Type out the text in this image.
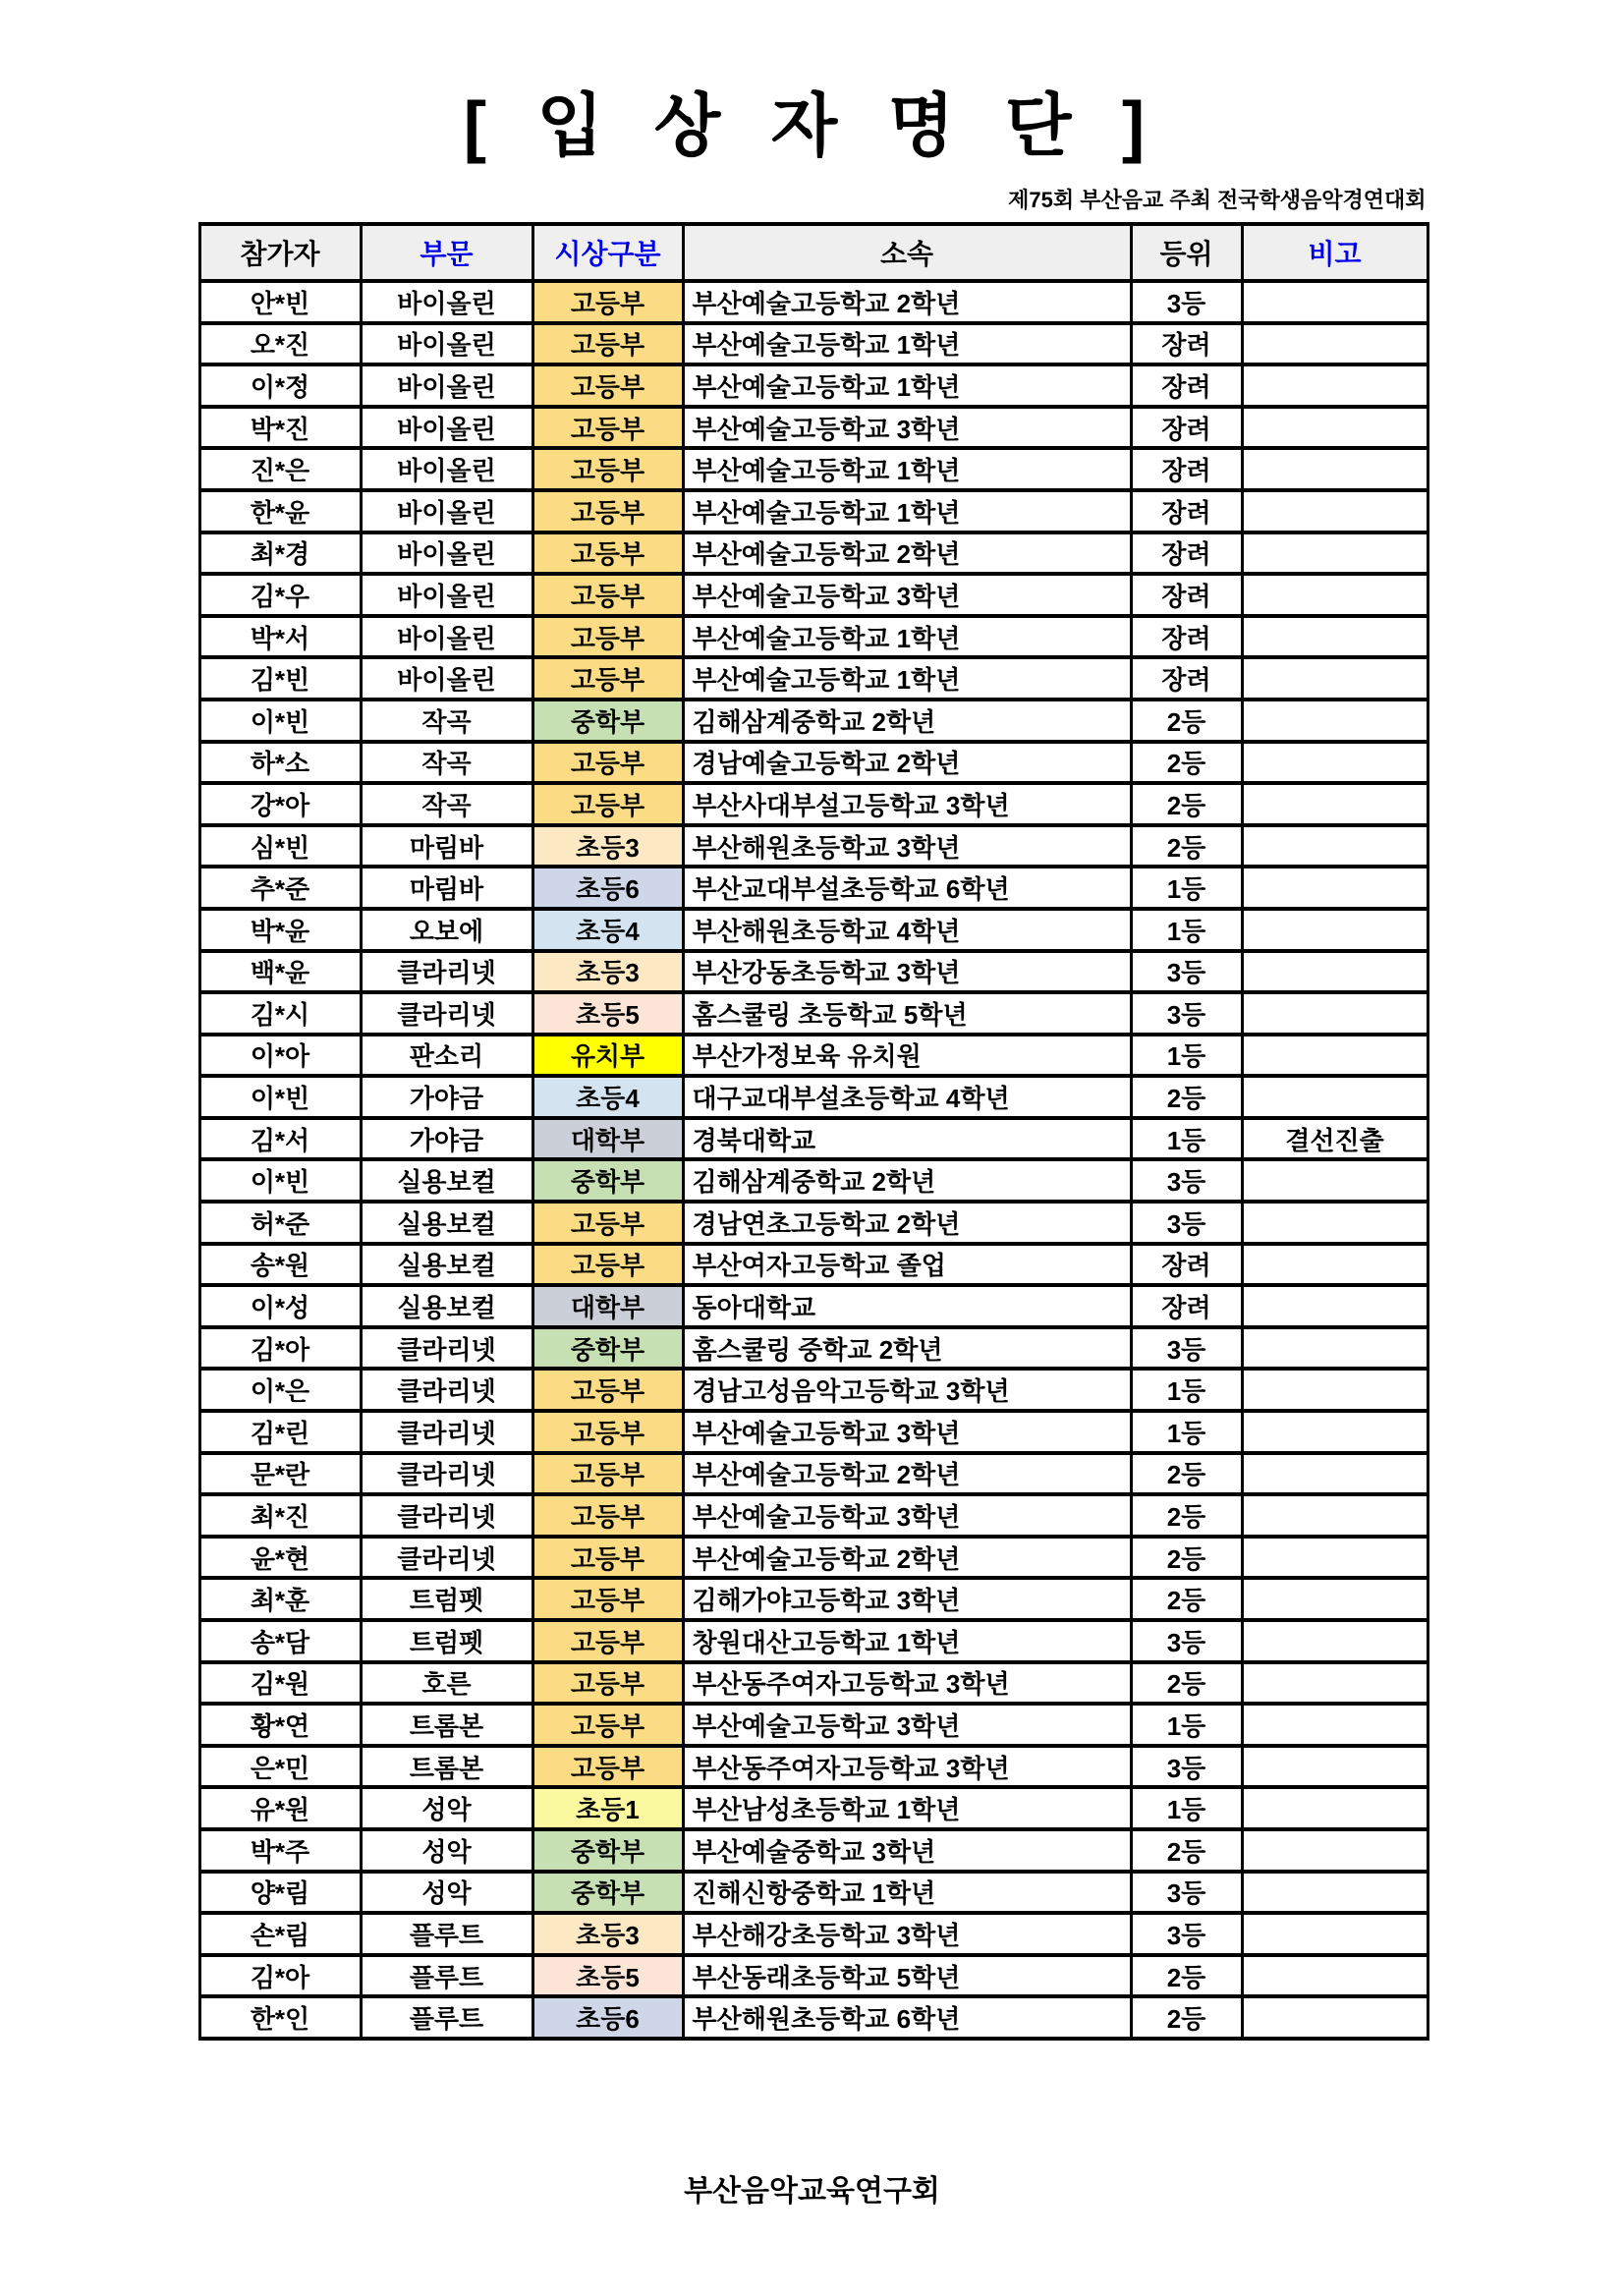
[ 입 상 자 명 단 ]
제75회 부산음교 주최 전국학생음악경연대회
참가자	부문	시상구분	소속	등위	비고
안*빈	바이올린	고등부	부산예술고등학교 2학년	3등	
오*진	바이올린	고등부	부산예술고등학교 1학년	장려	
이*정	바이올린	고등부	부산예술고등학교 1학년	장려	
박*진	바이올린	고등부	부산예술고등학교 3학년	장려	
진*은	바이올린	고등부	부산예술고등학교 1학년	장려	
한*윤	바이올린	고등부	부산예술고등학교 1학년	장려	
최*경	바이올린	고등부	부산예술고등학교 2학년	장려	
김*우	바이올린	고등부	부산예술고등학교 3학년	장려	
박*서	바이올린	고등부	부산예술고등학교 1학년	장려	
김*빈	바이올린	고등부	부산예술고등학교 1학년	장려	
이*빈	작곡	중학부	김해삼계중학교 2학년	2등	
하*소	작곡	고등부	경남예술고등학교 2학년	2등	
강*아	작곡	고등부	부산사대부설고등학교 3학년	2등	
심*빈	마림바	초등3	부산해원초등학교 3학년	2등	
추*준	마림바	초등6	부산교대부설초등학교 6학년	1등	
박*윤	오보에	초등4	부산해원초등학교 4학년	1등	
백*윤	클라리넷	초등3	부산강동초등학교 3학년	3등	
김*시	클라리넷	초등5	홈스쿨링 초등학교 5학년	3등	
이*아	판소리	유치부	부산가정보육 유치원	1등	
이*빈	가야금	초등4	대구교대부설초등학교 4학년	2등	
김*서	가야금	대학부	경북대학교	1등	결선진출
이*빈	실용보컬	중학부	김해삼계중학교 2학년	3등	
허*준	실용보컬	고등부	경남연초고등학교 2학년	3등	
송*원	실용보컬	고등부	부산여자고등학교 졸업	장려	
이*성	실용보컬	대학부	동아대학교	장려	
김*아	클라리넷	중학부	홈스쿨링 중학교 2학년	3등	
이*은	클라리넷	고등부	경남고성음악고등학교 3학년	1등	
김*린	클라리넷	고등부	부산예술고등학교 3학년	1등	
문*란	클라리넷	고등부	부산예술고등학교 2학년	2등	
최*진	클라리넷	고등부	부산예술고등학교 3학년	2등	
윤*현	클라리넷	고등부	부산예술고등학교 2학년	2등	
최*훈	트럼펫	고등부	김해가야고등학교 3학년	2등	
송*담	트럼펫	고등부	창원대산고등학교 1학년	3등	
김*원	호른	고등부	부산동주여자고등학교 3학년	2등	
황*연	트롬본	고등부	부산예술고등학교 3학년	1등	
은*민	트롬본	고등부	부산동주여자고등학교 3학년	3등	
유*원	성악	초등1	부산남성초등학교 1학년	1등	
박*주	성악	중학부	부산예술중학교 3학년	2등	
양*림	성악	중학부	진해신항중학교 1학년	3등	
손*림	플루트	초등3	부산해강초등학교 3학년	3등	
김*아	플루트	초등5	부산동래초등학교 5학년	2등	
한*인	플루트	초등6	부산해원초등학교 6학년	2등	
부산음악교육연구회
